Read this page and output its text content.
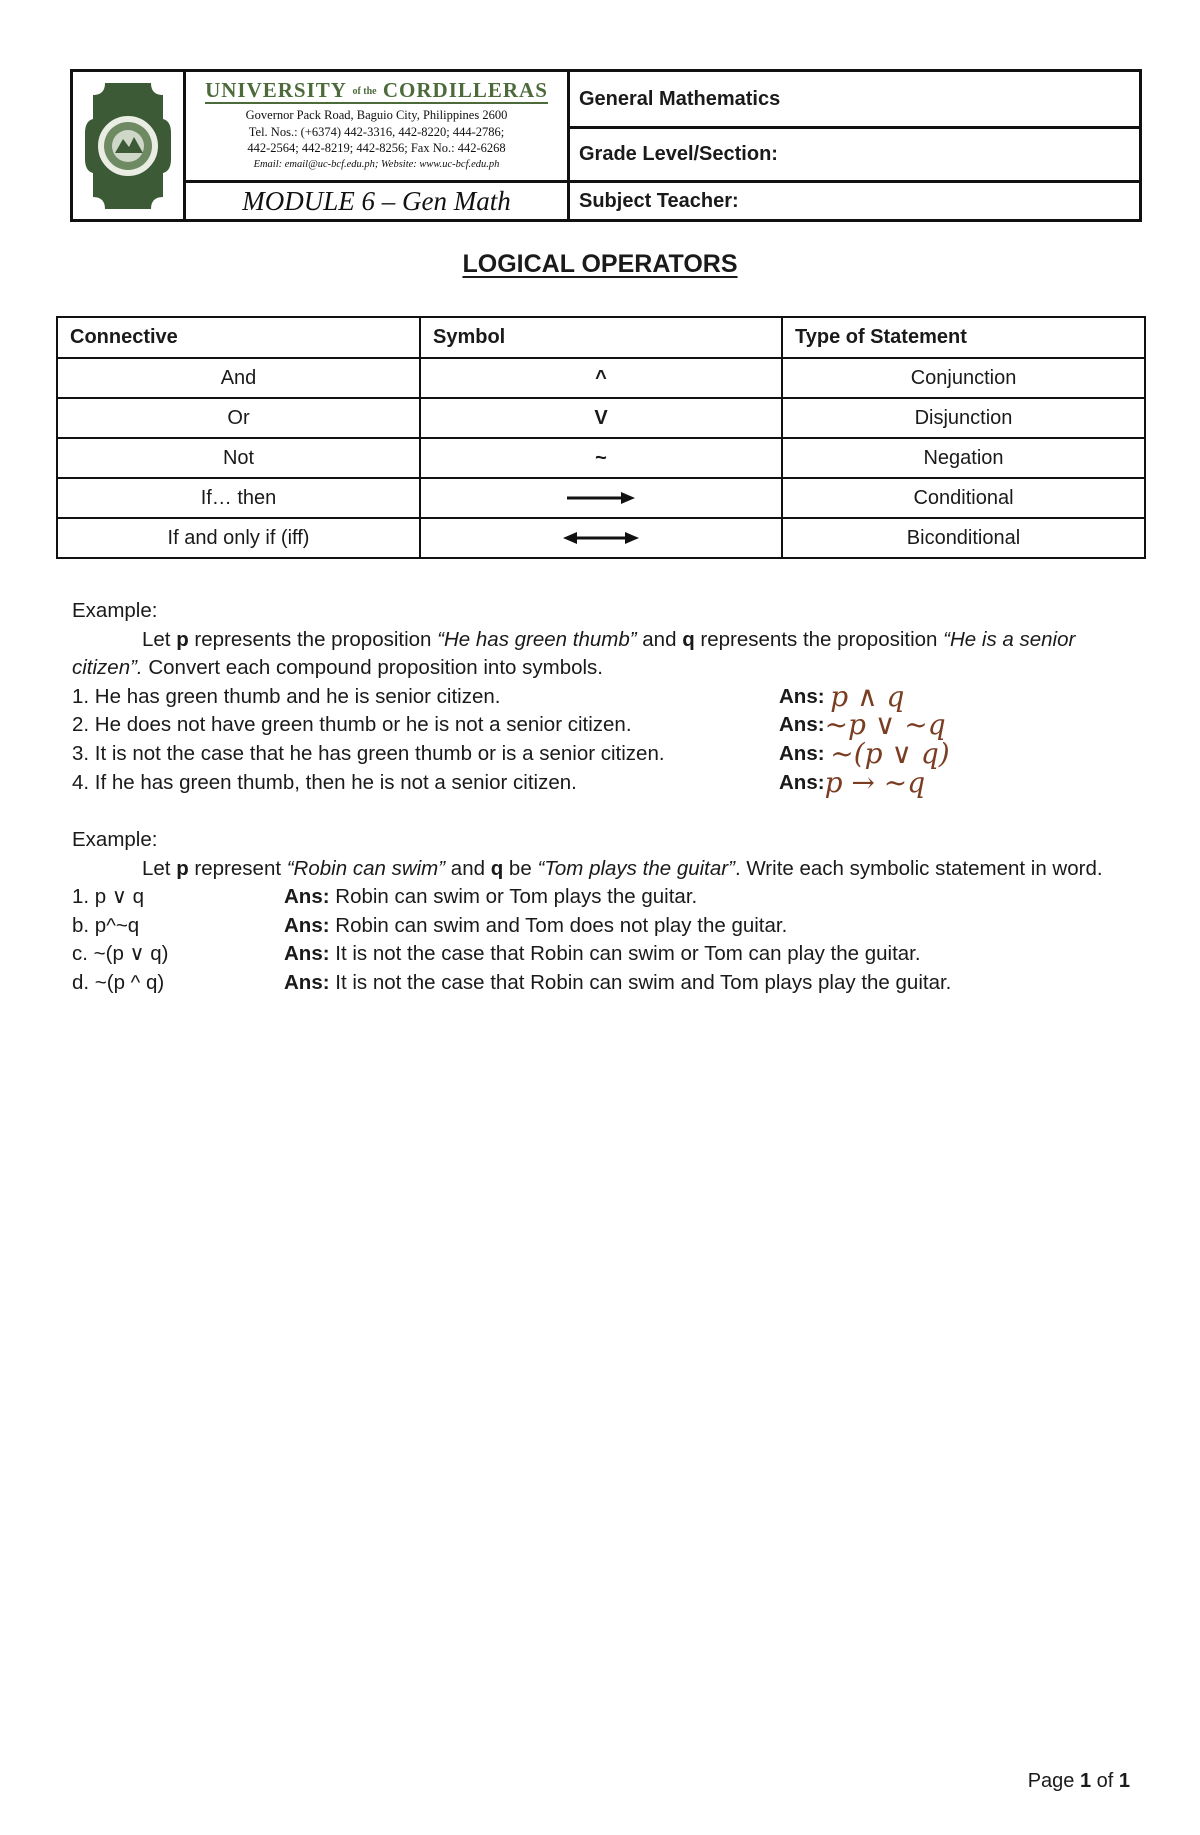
UNIVERSITY of the CORDILLERAS
Governor Pack Road, Baguio City, Philippines 2600
Tel. Nos.: (+6374) 442-3316, 442-8220; 444-2786;
442-2564; 442-8219; 442-8256; Fax No.: 442-6268
Email: email@uc-bcf.edu.ph; Website: www.uc-bcf.edu.ph
MODULE 6 – Gen Math
General Mathematics
Grade Level/Section:
Subject Teacher:
LOGICAL OPERATORS
Connective	Symbol	Type of Statement
And	^	Conjunction
Or	V	Disjunction
Not	~	Negation
If… then		Conditional
If and only if (iff)		Biconditional

Example:

Let p represents the proposition “He has green thumb” and q represents the proposition “He is a senior citizen”. Convert each compound proposition into symbols.

1. He has green thumb and he is senior citizen.	Ans:
p ∧ q
2. He does not have green thumb or he is not a senior citizen.	Ans: ~p ∨ ~q
3. It is not the case that he has green thumb or is a senior citizen.	Ans:
~(p ∨ q)
4. If he has green thumb, then he is not a senior citizen.	Ans: p → ~q

Example:

Let p represent “Robin can swim” and q be “Tom plays the guitar”. Write each symbolic statement in word.

1. p ∨ q	Ans:
Robin can swim or Tom plays the guitar.
b. p^~q	Ans:
Robin can swim and Tom does not play the guitar.
c. ~(p ∨ q)	Ans:
It is not the case that Robin can swim or Tom can play the guitar.
d. ~(p ^ q)	Ans:
It is not the case that Robin can swim and Tom plays play the guitar.
Page 1 of 1
